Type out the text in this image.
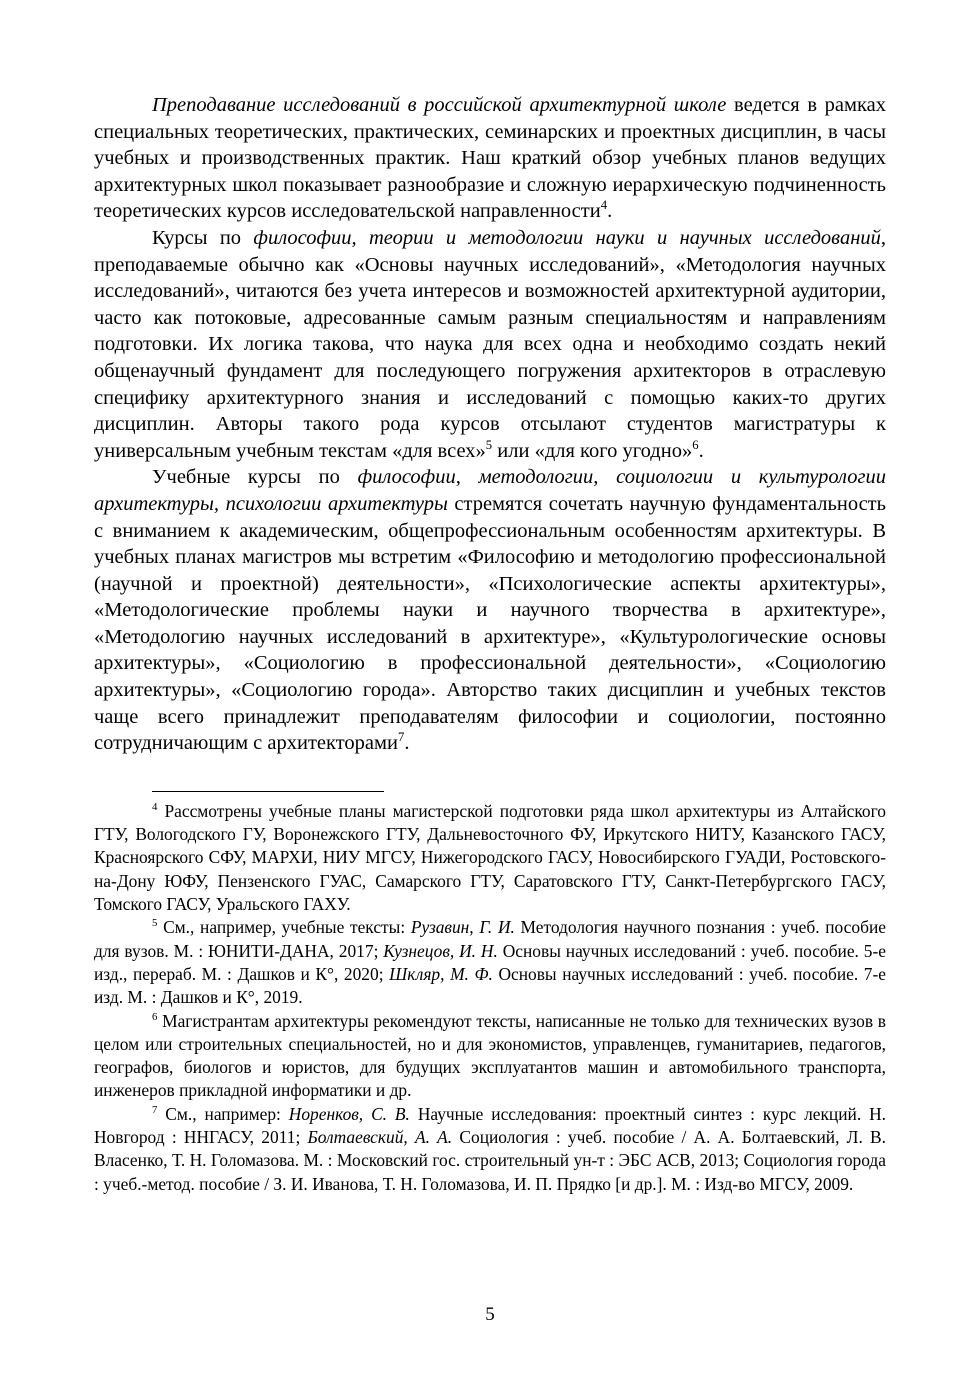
Преподавание исследований в российской архитектурной школе ведется в рамках специальных теоретических, практических, семинарских и проектных дисциплин, в часы учебных и производственных практик. Наш краткий обзор учебных планов ведущих архитектурных школ показывает разнообразие и сложную иерархическую подчиненность теоретических курсов исследовательской направленности$^4$.

Курсы по философии, теории и методологии науки и научных исследований, преподаваемые обычно как «Основы научных исследований», «Методология научных исследований», читаются без учета интересов и возможностей архитектурной аудитории, часто как потоковые, адресованные самым разным специальностям и направлениям подготовки. Их логика такова, что наука для всех одна и необходимо создать некий общенаучный фундамент для последующего погружения архитекторов в отраслевую специфику архитектурного знания и исследований с помощью каких-то других дисциплин. Авторы такого рода курсов отсылают студентов магистратуры к универсальным учебным текстам «для всех»$^5$ или «для кого угодно»$^6$.

Учебные курсы по философии, методологии, социологии и культурологии архитектуры, психологии архитектуры стремятся сочетать научную фундаментальность с вниманием к академическим, общепрофессиональным особенностям архитектуры. В учебных планах магистров мы встретим «Философию и методологию профессиональной (научной и проектной) деятельности», «Психологические аспекты архитектуры», «Методологические проблемы науки и научного творчества в архитектуре», «Методологию научных исследований в архитектуре», «Культурологические основы архитектуры», «Социологию в профессиональной деятельности», «Социологию архитектуры», «Социологию города». Авторство таких дисциплин и учебных текстов чаще всего принадлежит преподавателям философии и социологии, постоянно сотрудничающим с архитекторами$^7$.

$^4$ Рассмотрены учебные планы магистерской подготовки ряда школ архитектуры из Алтайского ГТУ, Вологодского ГУ, Воронежского ГТУ, Дальневосточного ФУ, Иркутского НИТУ, Казанского ГАСУ, Красноярского СФУ, МАРХИ, НИУ МГСУ, Нижегородского ГАСУ, Новосибирского ГУАДИ, Ростовского-на-Дону ЮФУ, Пензенского ГУАС, Самарского ГТУ, Саратовского ГТУ, Санкт-Петербургского ГАСУ, Томского ГАСУ, Уральского ГАХУ.

$^5$ См., например, учебные тексты: Рузавин, Г. И. Методология научного познания : учеб. пособие для вузов. М. : ЮНИТИ-ДАНА, 2017; Кузнецов, И. Н. Основы научных исследований : учеб. пособие. 5-е изд., перераб. М. : Дашков и К°, 2020; Шкляр, М. Ф. Основы научных исследований : учеб. пособие. 7-е изд. М. : Дашков и К°, 2019.

$^6$ Магистрантам архитектуры рекомендуют тексты, написанные не только для технических вузов в целом или строительных специальностей, но и для экономистов, управленцев, гуманитариев, педагогов, географов, биологов и юристов, для будущих эксплуатантов машин и автомобильного транспорта, инженеров прикладной информатики и др.

$^7$ См., например: Норенков, С. В. Научные исследования: проектный синтез : курс лекций. Н. Новгород : ННГАСУ, 2011; Болтаевский, А. А. Социология : учеб. пособие / А. А. Болтаевский, Л. В. Власенко, Т. Н. Голомазова. М. : Московский гос. строительный ун-т : ЭБС АСВ, 2013; Социология города : учеб.-метод. пособие / З. И. Иванова, Т. Н. Голомазова, И. П. Прядко [и др.]. М. : Изд-во МГСУ, 2009.

5
